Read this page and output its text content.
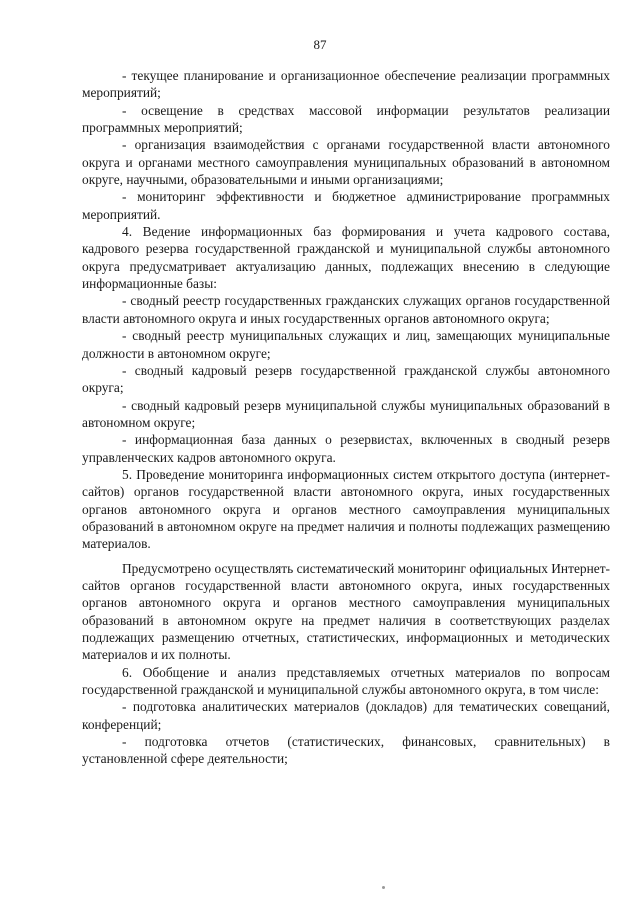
87

- текущее планирование и организационное обеспечение реализации программных мероприятий;

- освещение в средствах массовой информации результатов реализации программных мероприятий;

- организация взаимодействия с органами государственной власти автономного округа и органами местного самоуправления муниципальных образований в автономном округе, научными, образовательными и иными организациями;

- мониторинг эффективности и бюджетное администрирование программных мероприятий.

4. Ведение информационных баз формирования и учета кадрового состава, кадрового резерва государственной гражданской и муниципальной службы автономного округа предусматривает актуализацию данных, подлежащих внесению в следующие информационные базы:

- сводный реестр государственных гражданских служащих органов государственной власти автономного округа и иных государственных органов автономного округа;

- сводный реестр муниципальных служащих и лиц, замещающих муниципальные должности в автономном округе;

- сводный кадровый резерв государственной гражданской службы автономного округа;

- сводный кадровый резерв муниципальной службы муниципальных образований в автономном округе;

- информационная база данных о резервистах, включенных в сводный резерв управленческих кадров автономного округа.

5. Проведение мониторинга информационных систем открытого доступа (интернет-сайтов) органов государственной власти автономного округа, иных государственных органов автономного округа и органов местного самоуправления муниципальных образований в автономном округе на предмет наличия и полноты подлежащих размещению материалов.

Предусмотрено осуществлять систематический мониторинг официальных Интернет-сайтов органов государственной власти автономного округа, иных государственных органов автономного округа и органов местного самоуправления муниципальных образований в автономном округе на предмет наличия в соответствующих разделах подлежащих размещению отчетных, статистических, информационных и методических материалов и их полноты.

6. Обобщение и анализ представляемых отчетных материалов по вопросам государственной гражданской и муниципальной службы автономного округа, в том числе:

- подготовка аналитических материалов (докладов) для тематических совещаний, конференций;

- подготовка отчетов (статистических, финансовых, сравнительных) в установленной сфере деятельности;
